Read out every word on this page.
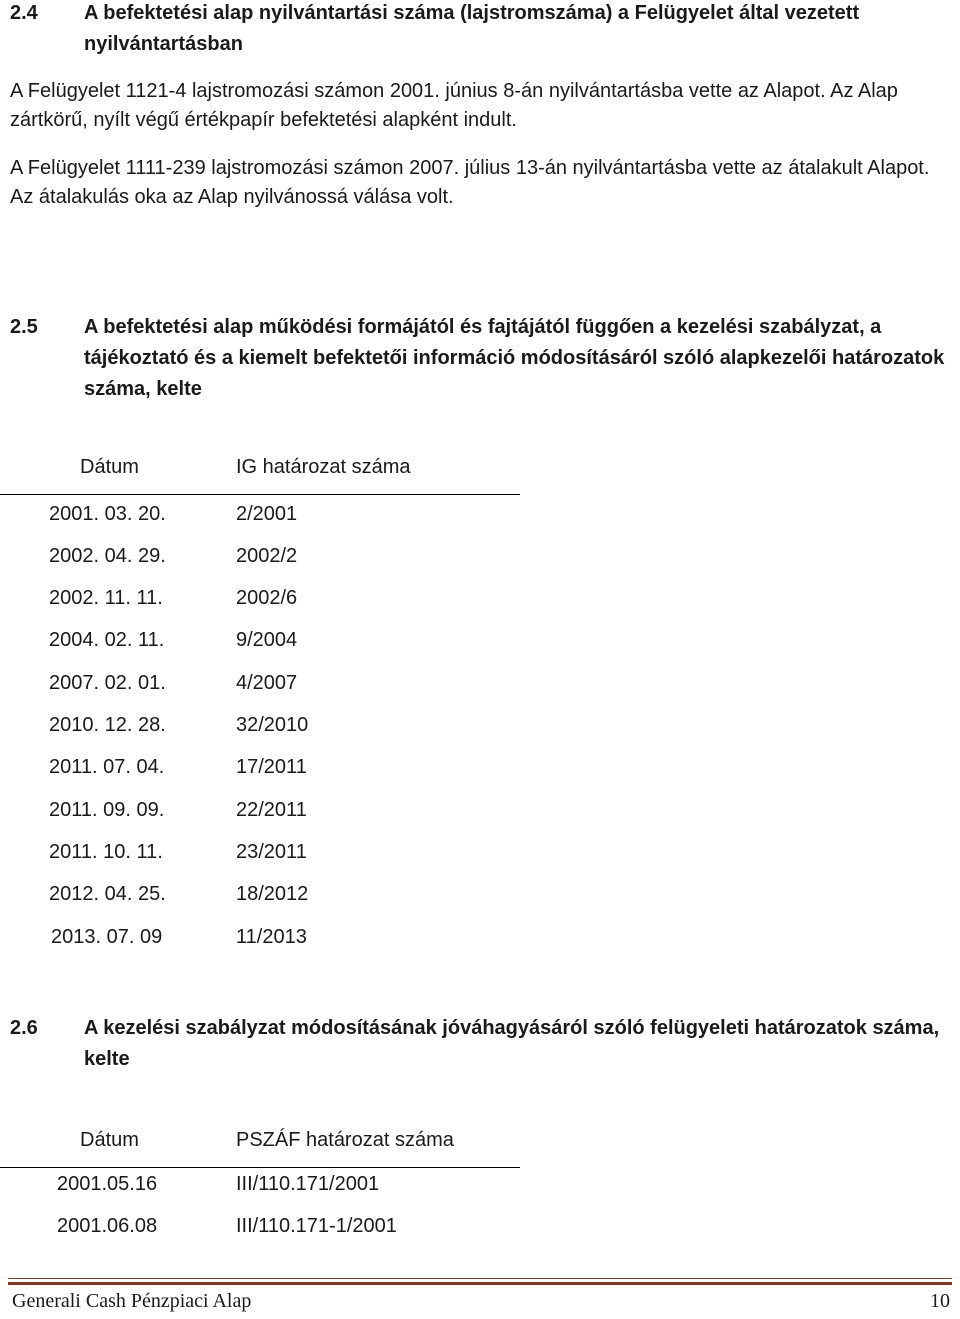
2.4 A befektetési alap nyilvántartási száma (lajstromszáma) a Felügyelet által vezetett nyilvántartásban
A Felügyelet 1121-4 lajstromozási számon 2001. június 8-án nyilvántartásba vette az Alapot. Az Alap zártkörű, nyílt végű értékpapír befektetési alapként indult.
A Felügyelet 1111-239 lajstromozási számon 2007. július 13-án nyilvántartásba vette az átalakult Alapot. Az átalakulás oka az Alap nyilvánossá válása volt.
2.5 A befektetési alap működési formájától és fajtájától függően a kezelési szabályzat, a tájékoztató és a kiemelt befektetői információ módosításáról szóló alapkezelői határozatok száma, kelte
Dátum	IG határozat száma
2001. 03. 20.	2/2001
2002. 04. 29.	2002/2
2002. 11. 11.	2002/6
2004. 02. 11.	9/2004
2007. 02. 01.	4/2007
2010. 12. 28.	32/2010
2011. 07. 04.	17/2011
2011. 09. 09.	22/2011
2011. 10. 11.	23/2011
2012. 04. 25.	18/2012
2013. 07. 09	11/2013
2.6 A kezelési szabályzat módosításának jóváhagyásáról szóló felügyeleti határozatok száma, kelte
Dátum	PSZÁF határozat száma
2001.05.16	III/110.171/2001
2001.06.08	III/110.171-1/2001
Generali Cash Pénzpiaci Alap	10
